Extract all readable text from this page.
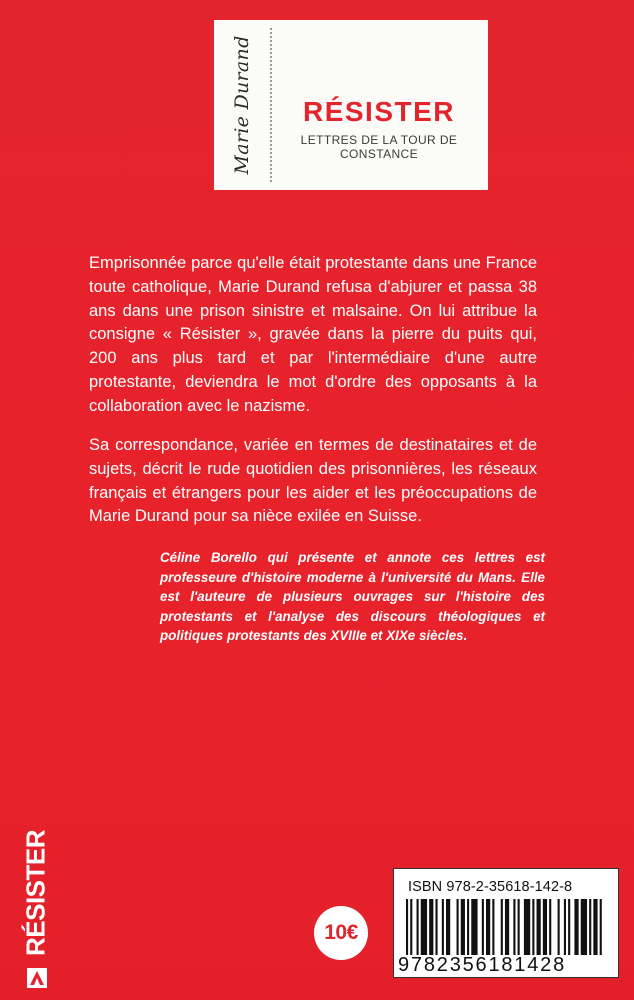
Marie Durand	RÉSISTER
LETTRES DE LA TOUR DE CONSTANCE

Emprisonnée parce qu'elle était protestante dans une France toute catholique, Marie Durand refusa d'abjurer et passa 38 ans dans une prison sinistre et malsaine. On lui attribue la consigne « Résister », gravée dans la pierre du puits qui, 200 ans plus tard et par l'intermédiaire d'une autre protestante, deviendra le mot d'ordre des opposants à la collaboration avec le nazisme.

Sa correspondance, variée en termes de destinataires et de sujets, décrit le rude quotidien des prisonnières, les réseaux français et étrangers pour les aider et les préoccupations de Marie Durand pour sa nièce exilée en Suisse.

Céline Borello qui présente et annote ces lettres est professeure d'histoire moderne à l'université du Mans. Elle est l'auteure de plusieurs ouvrages sur l'histoire des protestants et l'analyse des discours théologiques et politiques protestants des XVIIIe et XIXe siècles.

RÉSISTER	10€
ISBN 978-2-35618-142-8
9782356181428
